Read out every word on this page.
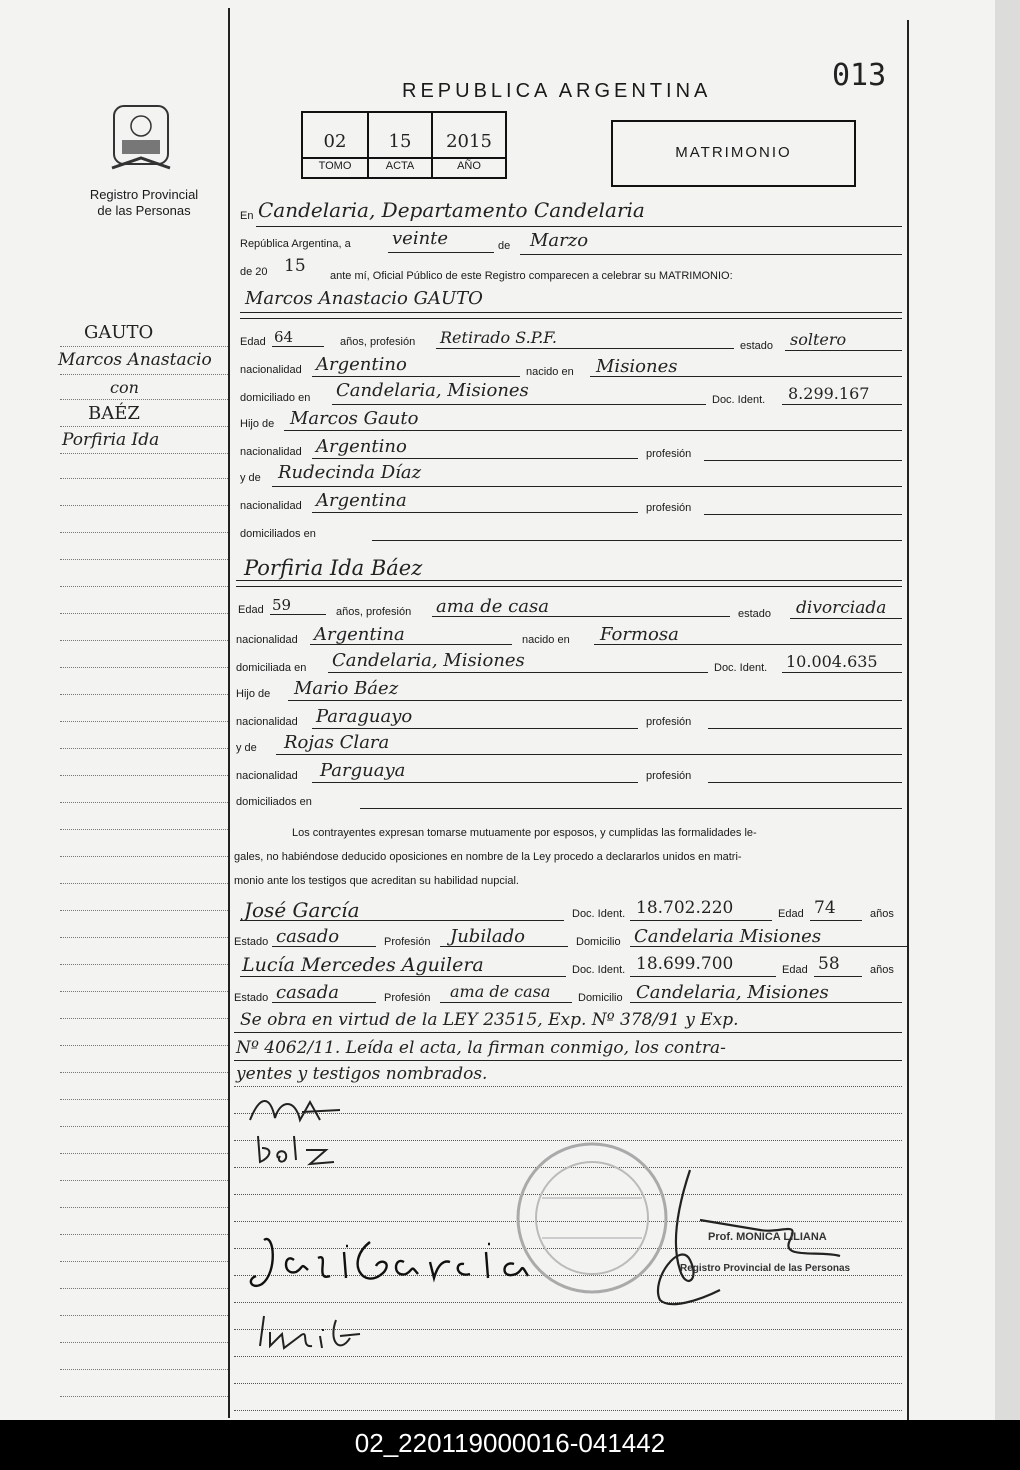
013
REPUBLICA ARGENTINA
Registro Provincial
de las Personas
02	15	2015
TOMO	ACTA	AÑO
MATRIMONIO
GAUTO
Marcos Anastacio
con
BAÉZ
Porfiria Ida
En Candelaria, Departamento Candelaria
República Argentina, a veinte	de Marzo
de 20 15 ante mí, Oficial Público de este Registro comparecen a celebrar su MATRIMONIO:
Marcos Anastacio GAUTO
Edad 64	años, profesión Retirado S.P.F.	estado soltero
nacionalidad Argentino	nacido en Misiones
domiciliado en Candelaria, Misiones	Doc. Ident. 8.299.167
Hijo de Marcos Gauto
nacionalidad Argentino	profesión
y de Rudecinda Díaz
nacionalidad Argentina	profesión
domiciliados en
Porfiria Ida Báez
Edad 59	años, profesión ama de casa	estado divorciada
nacionalidad Argentina	nacido en Formosa
domiciliada en Candelaria, Misiones	Doc. Ident. 10.004.635
Hijo de Mario Báez
nacionalidad Paraguayo	profesión
y de Rojas Clara
nacionalidad Parguaya	profesión
domiciliados en
Los contrayentes expresan tomarse mutuamente por esposos, y cumplidas las formalidades le-
gales, no habiéndose deducido oposiciones en nombre de la Ley procedo a declararlos unidos en matri-
monio ante los testigos que acreditan su habilidad nupcial.
José García	Doc. Ident. 18.702.220	Edad 74	años
Estado casado	Profesión Jubilado	Domicilio Candelaria Misiones
Lucía Mercedes Aguilera	Doc. Ident. 18.699.700	Edad 58	años
Estado casada	Profesión ama de casa	Domicilio Candelaria, Misiones
Se obra en virtud de la LEY 23515, Exp. Nº 378/91 y Exp.
Nº 4062/11. Leída el acta, la firman conmigo, los contra-
yentes y testigos nombrados.
Prof. MONICA LILIANA
Registro Provincial de las Personas
02_220119000016-041442
